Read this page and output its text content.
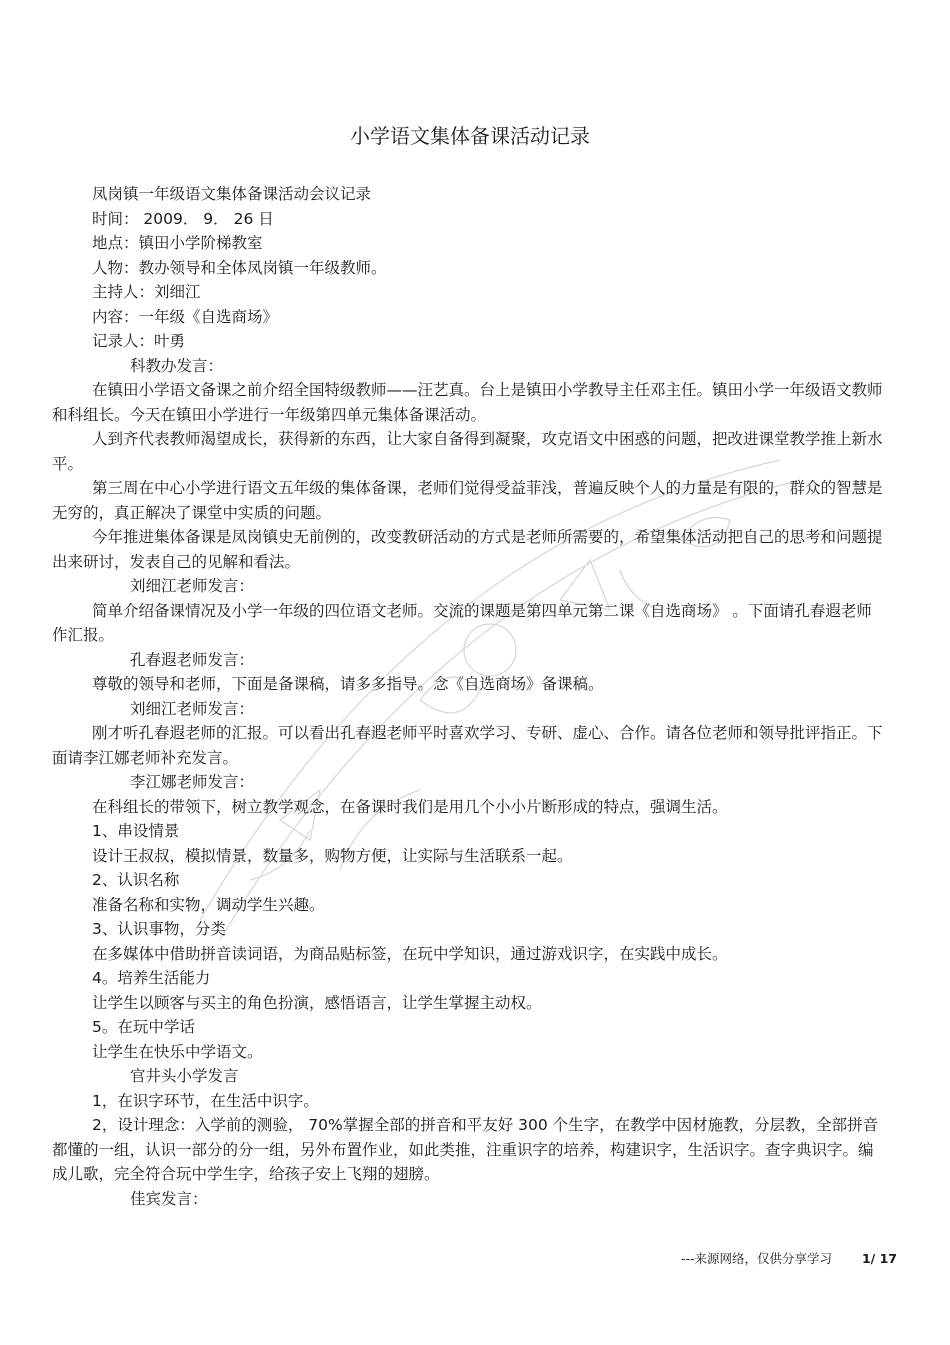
小学语文集体备课活动记录

凤岗镇一年级语文集体备课活动会议记录

时间： 2009． 9． 26 日

地点：镇田小学阶梯教室

人物：教办领导和全体凤岗镇一年级教师。

主持人：刘细江

内容：一年级《自选商场》

记录人：叶勇

科教办发言：

在镇田小学语文备课之前介绍全国特级教师——汪艺真。台上是镇田小学教导主任邓主任。镇田小学一年级语文教师和科组长。今天在镇田小学进行一年级第四单元集体备课活动。

人到齐代表教师渴望成长，获得新的东西，让大家自备得到凝聚，攻克语文中困惑的问题，把改进课堂教学推上新水平。

第三周在中心小学进行语文五年级的集体备课，老师们觉得受益菲浅，普遍反映个人的力量是有限的，群众的智慧是无穷的，真正解决了课堂中实质的问题。

今年推进集体备课是凤岗镇史无前例的，改变教研活动的方式是老师所需要的，希望集体活动把自己的思考和问题提出来研讨，发表自己的见解和看法。

刘细江老师发言：

简单介绍备课情况及小学一年级的四位语文老师。交流的课题是第四单元第二课《自选商场》 。下面请孔春遐老师作汇报。

孔春遐老师发言：

尊敬的领导和老师，下面是备课稿，请多多指导。念《自选商场》备课稿。

刘细江老师发言：

刚才听孔春遐老师的汇报。可以看出孔春遐老师平时喜欢学习、专研、虚心、合作。请各位老师和领导批评指正。下面请李江娜老师补充发言。

李江娜老师发言：

在科组长的带领下，树立教学观念，在备课时我们是用几个小小片断形成的特点，强调生活。

1、串设情景

设计王叔叔，模拟情景，数量多，购物方便，让实际与生活联系一起。

2、认识名称

准备名称和实物，调动学生兴趣。

3、认识事物，分类

在多媒体中借助拼音读词语，为商品贴标签，在玩中学知识，通过游戏识字，在实践中成长。

4。培养生活能力

让学生以顾客与买主的角色扮演，感悟语言，让学生掌握主动权。

5。在玩中学话

让学生在快乐中学语文。

官井头小学发言

1，在识字环节，在生活中识字。

2，设计理念：入学前的测验， 70%掌握全部的拼音和平友好 300 个生字，在教学中因材施教，分层教，全部拼音都懂的一组，认识一部分的分一组，另外布置作业，如此类推，注重识字的培养，构建识字，生活识字。查字典识字。编成儿歌，完全符合玩中学生字，给孩子安上飞翔的翅膀。

佳宾发言：

---来源网络，仅供分享学习 1/ 17
